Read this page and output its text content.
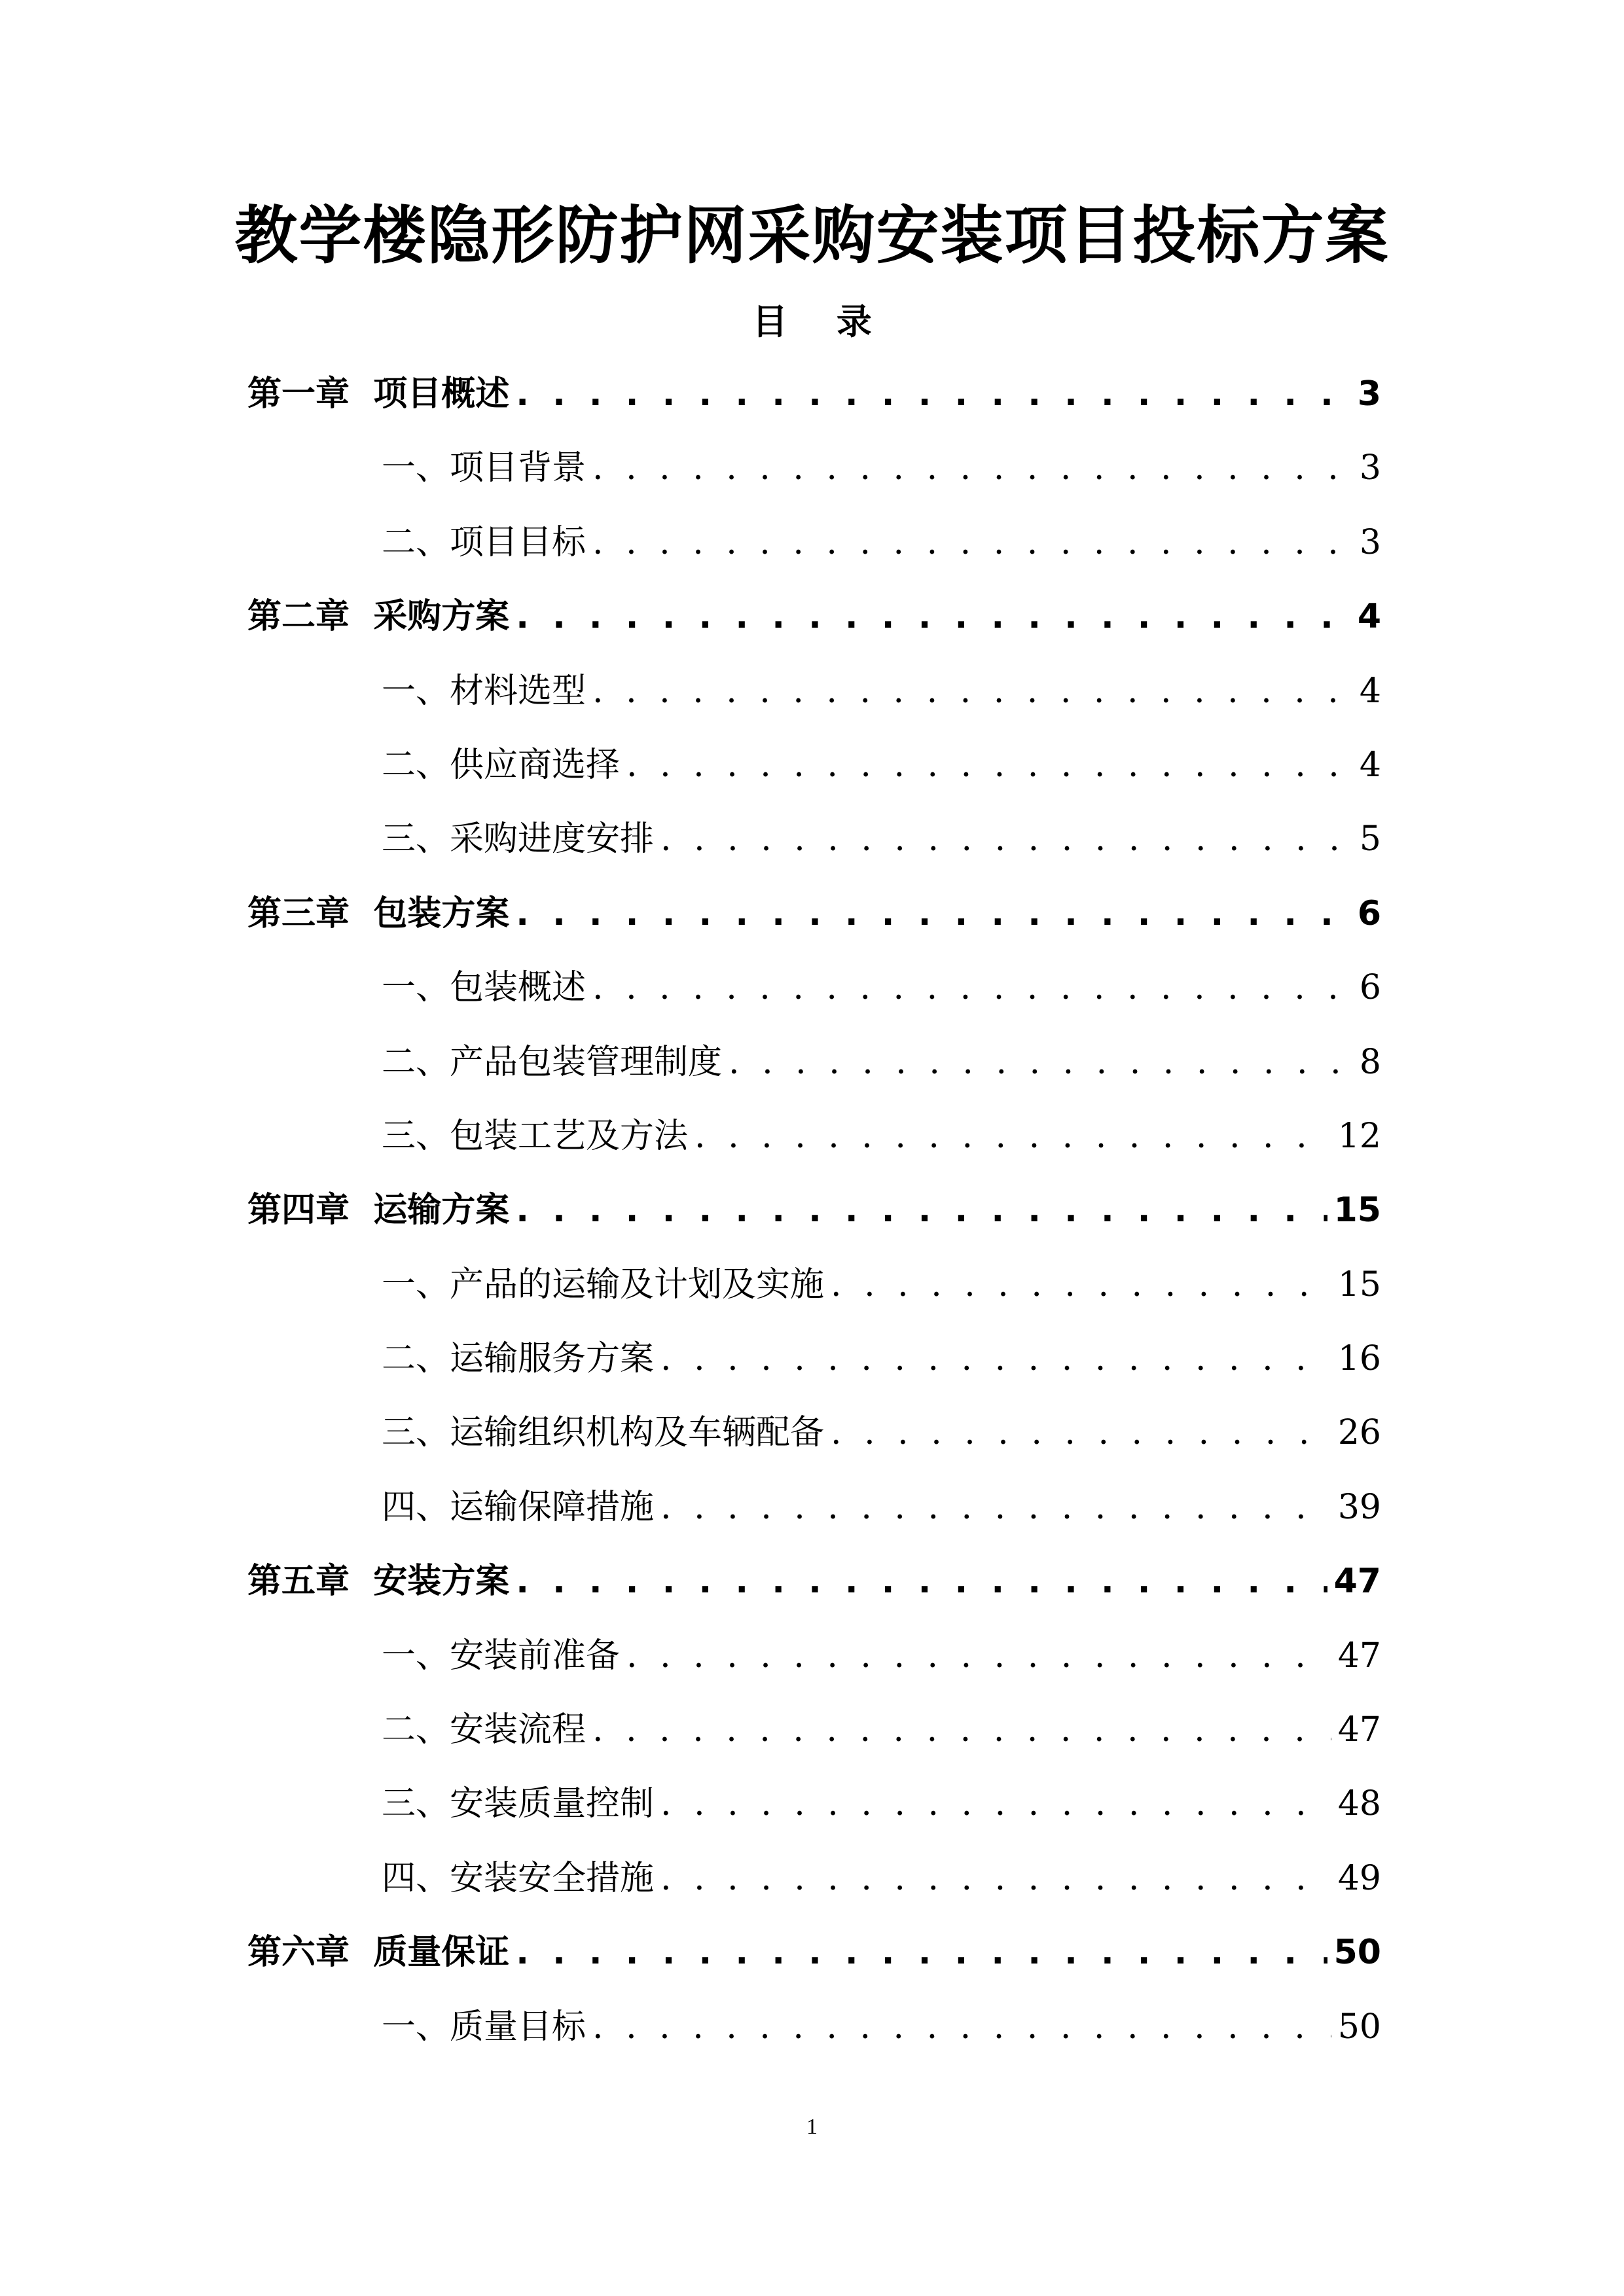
教学楼隐形防护网采购安装项目投标方案
目 录
第一章  项目概述 . . .	3
一、项目背景 . . .	3
二、项目目标 . . .	3
第二章  采购方案 . . .	4
一、材料选型 . . .	4
二、供应商选择 . . .	4
三、采购进度安排 . . .	5
第三章  包装方案 . . .	6
一、包装概述 . . .	6
二、产品包装管理制度 . . .	8
三、包装工艺及方法 . . .	12
第四章  运输方案 . . .	15
一、产品的运输及计划及实施 . . .	15
二、运输服务方案 . . .	16
三、运输组织机构及车辆配备 . . .	26
四、运输保障措施 . . .	39
第五章  安装方案 . . .	47
一、安装前准备 . . .	47
二、安装流程 . . .	47
三、安装质量控制 . . .	48
四、安装安全措施 . . .	49
第六章  质量保证 . . .	50
一、质量目标 . . .	50
1
